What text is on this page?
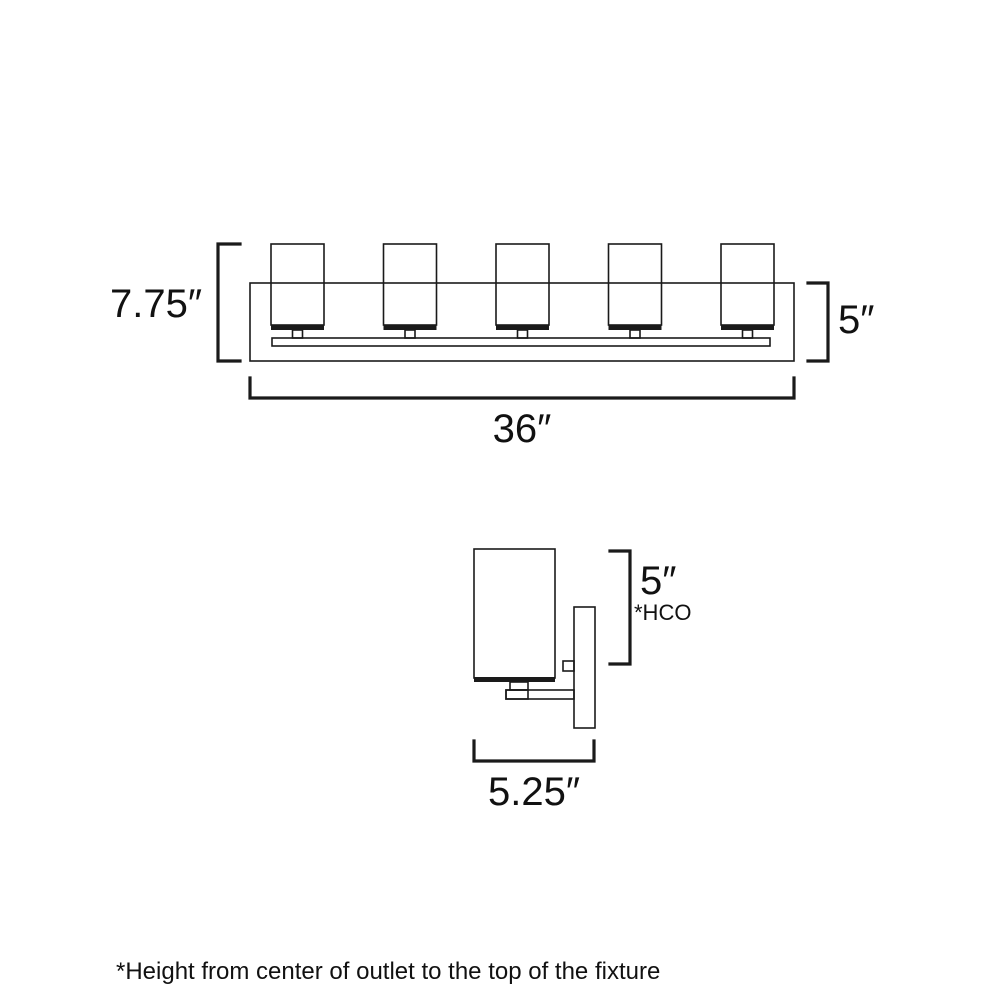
7.75″	5″
36″
5″
*HCO
5.25″
*Height from center of outlet to the top of the fixture
